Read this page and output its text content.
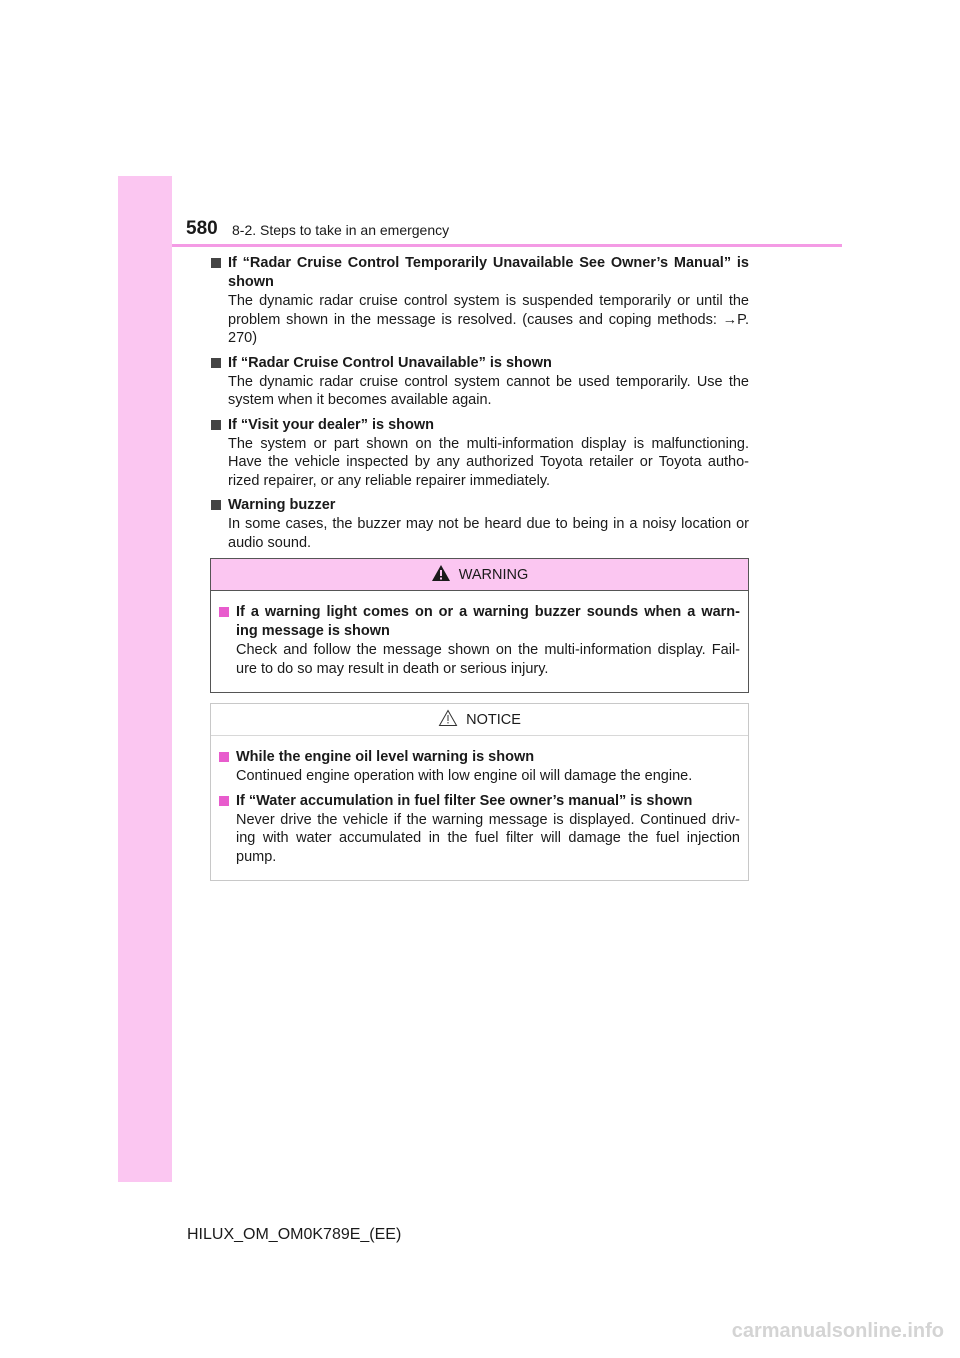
580 8-2. Steps to take in an emergency
If “Radar Cruise Control Temporarily Unavailable See Owner’s Manual” is shown
The dynamic radar cruise control system is suspended temporarily or until the problem shown in the message is resolved. (causes and coping methods: →P. 270)
If “Radar Cruise Control Unavailable” is shown
The dynamic radar cruise control system cannot be used temporarily. Use the system when it becomes available again.
If “Visit your dealer” is shown
The system or part shown on the multi-information display is malfunctioning. Have the vehicle inspected by any authorized Toyota retailer or Toyota autho- rized repairer, or any reliable repairer immediately.
Warning buzzer
In some cases, the buzzer may not be heard due to being in a noisy location or audio sound.
WARNING
If a warning light comes on or a warning buzzer sounds when a warn- ing message is shown
Check and follow the message shown on the multi-information display. Fail- ure to do so may result in death or serious injury.
NOTICE
While the engine oil level warning is shown
Continued engine operation with low engine oil will damage the engine.
If “Water accumulation in fuel filter See owner’s manual” is shown
Never drive the vehicle if the warning message is displayed. Continued driv- ing with water accumulated in the fuel filter will damage the fuel injection pump.
HILUX_OM_OM0K789E_(EE)
carmanualsonline.info
